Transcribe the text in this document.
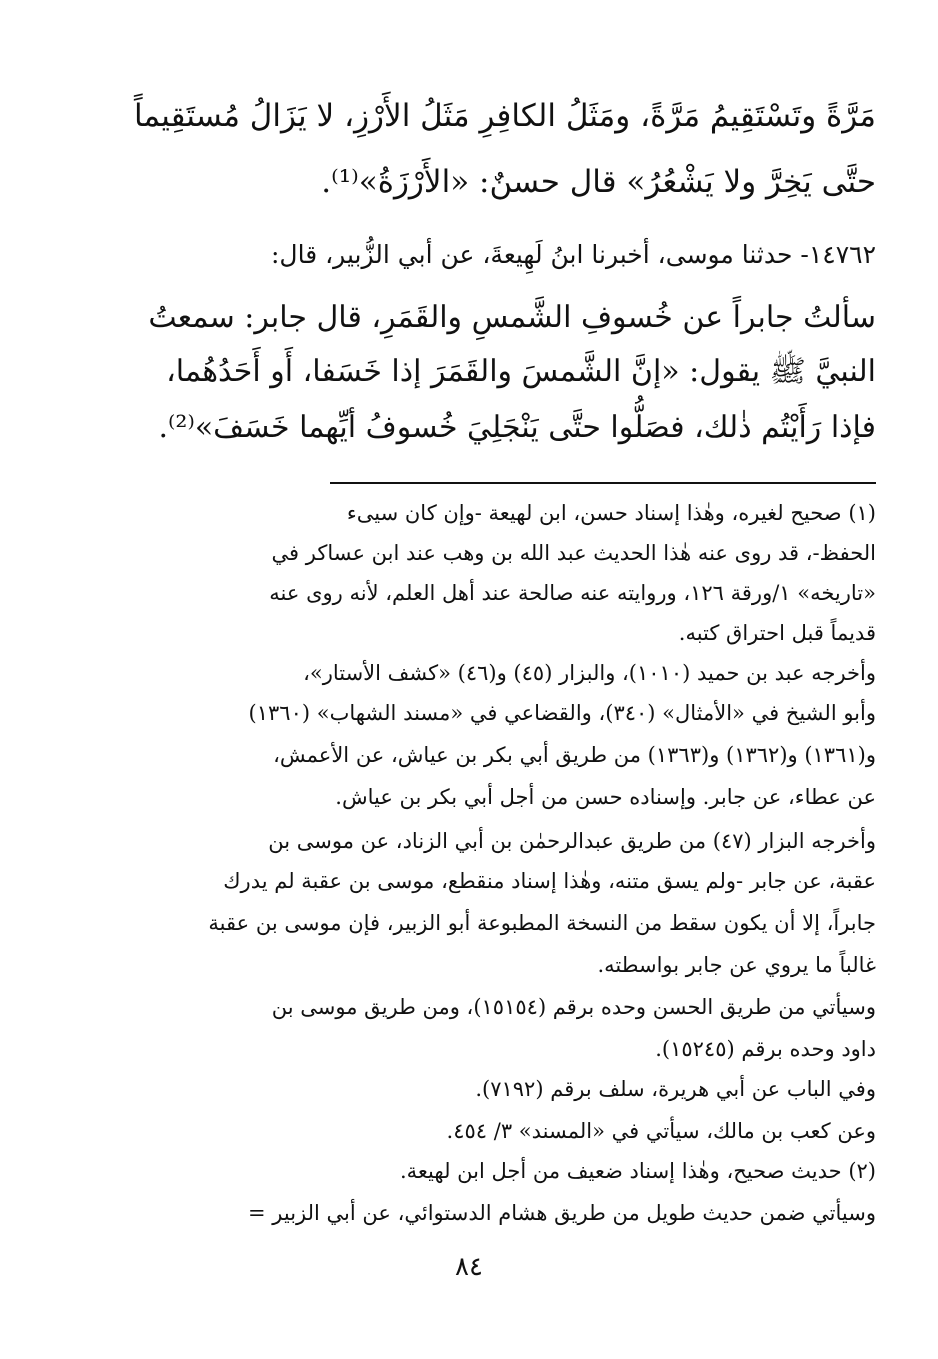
مَرَّةً وتَسْتَقِيمُ مَرَّةً، ومَثَلُ الكافِرِ مَثَلُ الأَرْزِ، لا يَزَالُ مُستَقِيماً
حتَّى يَخِرَّ ولا يَشْعُرُ» قال حسنٌ: «الأَرْزَةُ»⁽¹⁾.
١٤٧٦٢- حدثنا موسى، أخبرنا ابنُ لَهِيعةَ، عن أبي الزُّبير، قال:
سألتُ جابراً عن خُسوفِ الشَّمسِ والقَمَرِ، قال جابر: سمعتُ
النبيَّ ﷺ يقول: «إنَّ الشَّمسَ والقَمَرَ إذا خَسَفا، أَو أَحَدُهُما،
فإذا رَأَيْتُم ذٰلك، فصَلُّوا حتَّى يَنْجَلِيَ خُسوفُ أيِّهما خَسَفَ»⁽²⁾.
(١) صحيح لغيره، وهٰذا إسناد حسن، ابن لهيعة -وإن كان سيىء
الحفظ-، قد روى عنه هٰذا الحديث عبد الله بن وهب عند ابن عساكر في
«تاريخه» ١/ورقة ١٢٦، وروايته عنه صالحة عند أهل العلم، لأنه روى عنه
قديماً قبل احتراق كتبه.
وأخرجه عبد بن حميد (١٠١٠)، والبزار (٤٥) و(٤٦) «كشف الأستار»،
وأبو الشيخ في «الأمثال» (٣٤٠)، والقضاعي في «مسند الشهاب» (١٣٦٠)
و(١٣٦١) و(١٣٦٢) و(١٣٦٣) من طريق أبي بكر بن عياش، عن الأعمش،
عن عطاء، عن جابر. وإسناده حسن من أجل أبي بكر بن عياش.
وأخرجه البزار (٤٧) من طريق عبدالرحمٰن بن أبي الزناد، عن موسى بن
عقبة، عن جابر -ولم يسق متنه، وهٰذا إسناد منقطع، موسى بن عقبة لم يدرك
جابراً، إلا أن يكون سقط من النسخة المطبوعة أبو الزبير، فإن موسى بن عقبة
غالباً ما يروي عن جابر بواسطته.
وسيأتي من طريق الحسن وحده برقم (١٥١٥٤)، ومن طريق موسى بن
داود وحده برقم (١٥٢٤٥).
وفي الباب عن أبي هريرة، سلف برقم (٧١٩٢).
وعن كعب بن مالك، سيأتي في «المسند» ٣/ ٤٥٤.
(٢) حديث صحيح، وهٰذا إسناد ضعيف من أجل ابن لهيعة.
وسيأتي ضمن حديث طويل من طريق هشام الدستوائي، عن أبي الزبير =
٨٤
